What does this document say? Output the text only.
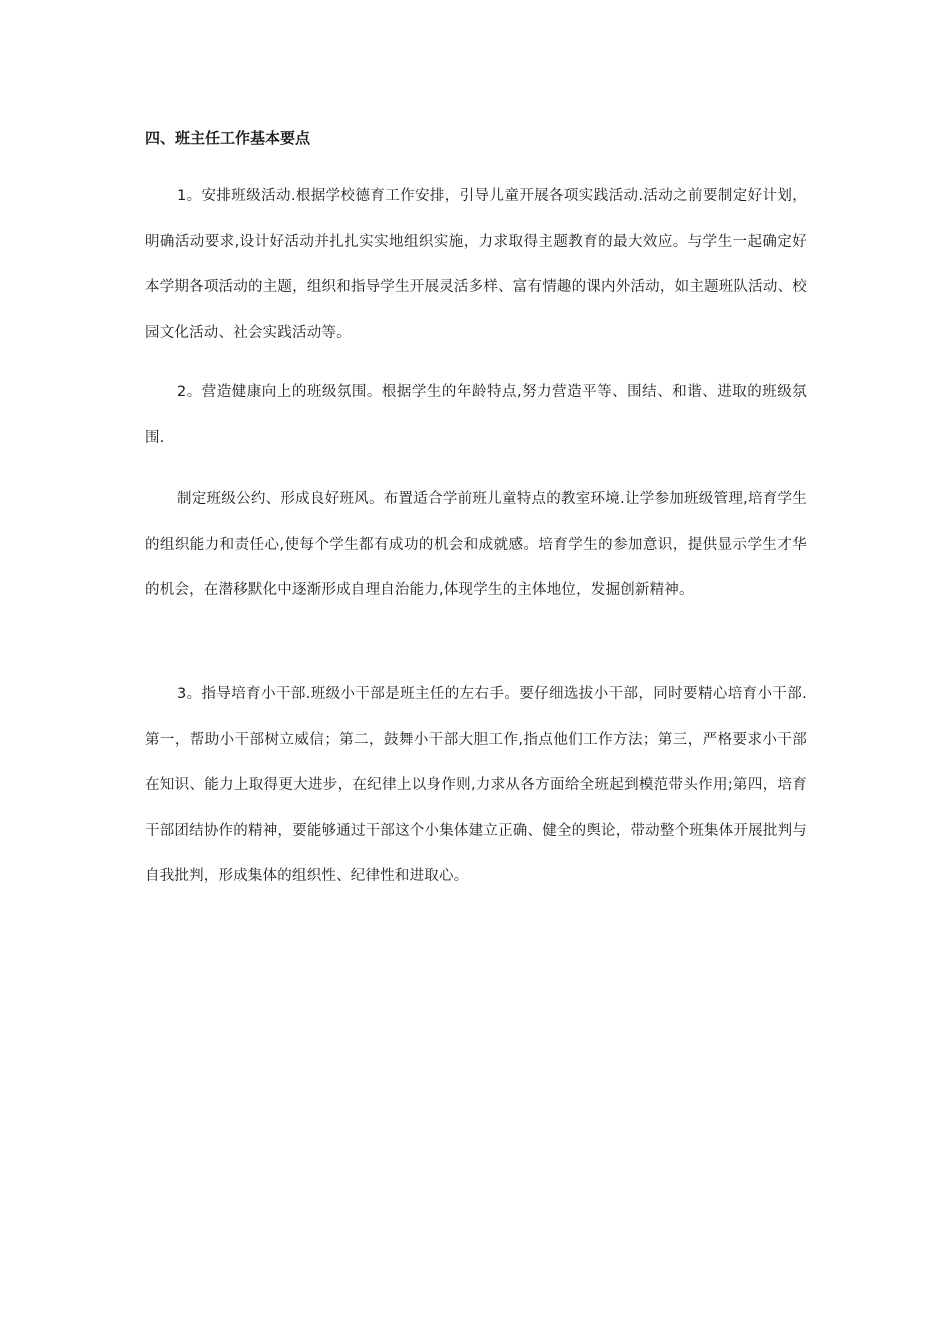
四、班主任工作基本要点

1。安排班级活动.根据学校德育工作安排，引导儿童开展各项实践活动.活动之前要制定好计划，明确活动要求,设计好活动并扎扎实实地组织实施，力求取得主题教育的最大效应。与学生一起确定好本学期各项活动的主题，组织和指导学生开展灵活多样、富有情趣的课内外活动，如主题班队活动、校园文化活动、社会实践活动等。

2。营造健康向上的班级氛围。根据学生的年龄特点,努力营造平等、围结、和谐、进取的班级氛围.

制定班级公约、形成良好班风。布置适合学前班儿童特点的教室环境.让学参加班级管理,培育学生的组织能力和责任心,使每个学生都有成功的机会和成就感。培育学生的参加意识，提供显示学生才华的机会，在潜移默化中逐渐形成自理自治能力,体现学生的主体地位，发掘创新精神。

3。指导培育小干部.班级小干部是班主任的左右手。要仔细选拔小干部，同时要精心培育小干部.第一，帮助小干部树立威信；第二，鼓舞小干部大胆工作,指点他们工作方法；第三，严格要求小干部在知识、能力上取得更大进步，在纪律上以身作则,力求从各方面给全班起到模范带头作用;第四，培育干部团结协作的精神，要能够通过干部这个小集体建立正确、健全的舆论，带动整个班集体开展批判与自我批判，形成集体的组织性、纪律性和进取心。
